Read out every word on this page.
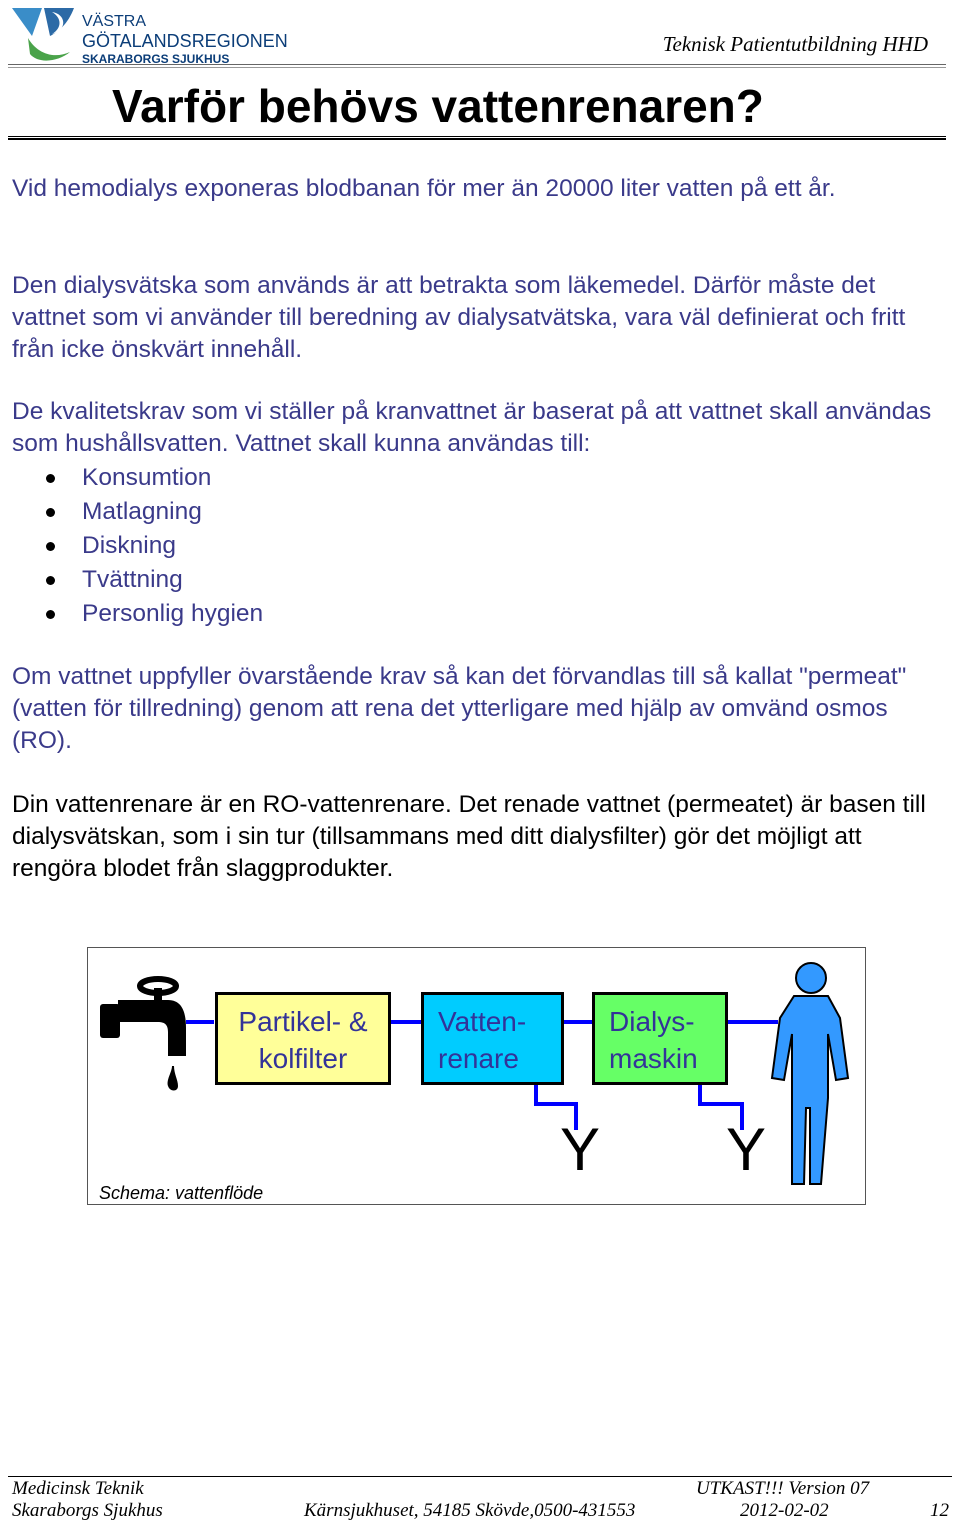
VÄSTRA
GÖTALANDSREGIONEN
SKARABORGS SJUKHUS
Teknisk Patientutbildning HHD
Varför behövs vattenrenaren?

Vid hemodialys exponeras blodbanan för mer än 20000 liter vatten på ett år.

Den dialysvätska som används är att betrakta som läkemedel. Därför måste det vattnet som vi använder till beredning av dialysatvätska, vara väl definierat och fritt från icke önskvärt innehåll.

De kvalitetskrav som vi ställer på kranvattnet är baserat på att vattnet skall användas som hushållsvatten. Vattnet skall kunna användas till:

Konsumtion
Matlagning
Diskning
Tvättning
Personlig hygien

Om vattnet uppfyller övarstående krav så kan det förvandlas till så kallat "permeat" (vatten för tillredning) genom att rena det ytterligare med hjälp av omvänd osmos (RO).

Din vattenrenare är en RO-vattenrenare. Det renade vattnet (permeatet) är basen till dialysvätskan, som i sin tur (tillsammans med ditt dialysfilter) gör det möjligt att rengöra blodet från slaggprodukter.

Partikel- &
kolfilter
Vatten-
renare
Dialys-
maskin
Y Y
Schema: vattenflöde
Medicinsk Teknik
Skaraborgs Sjukhus
UTKAST!!! Version 07
Kärnsjukhuset, 54185 Skövde,0500-431553	2012-02-02	12
